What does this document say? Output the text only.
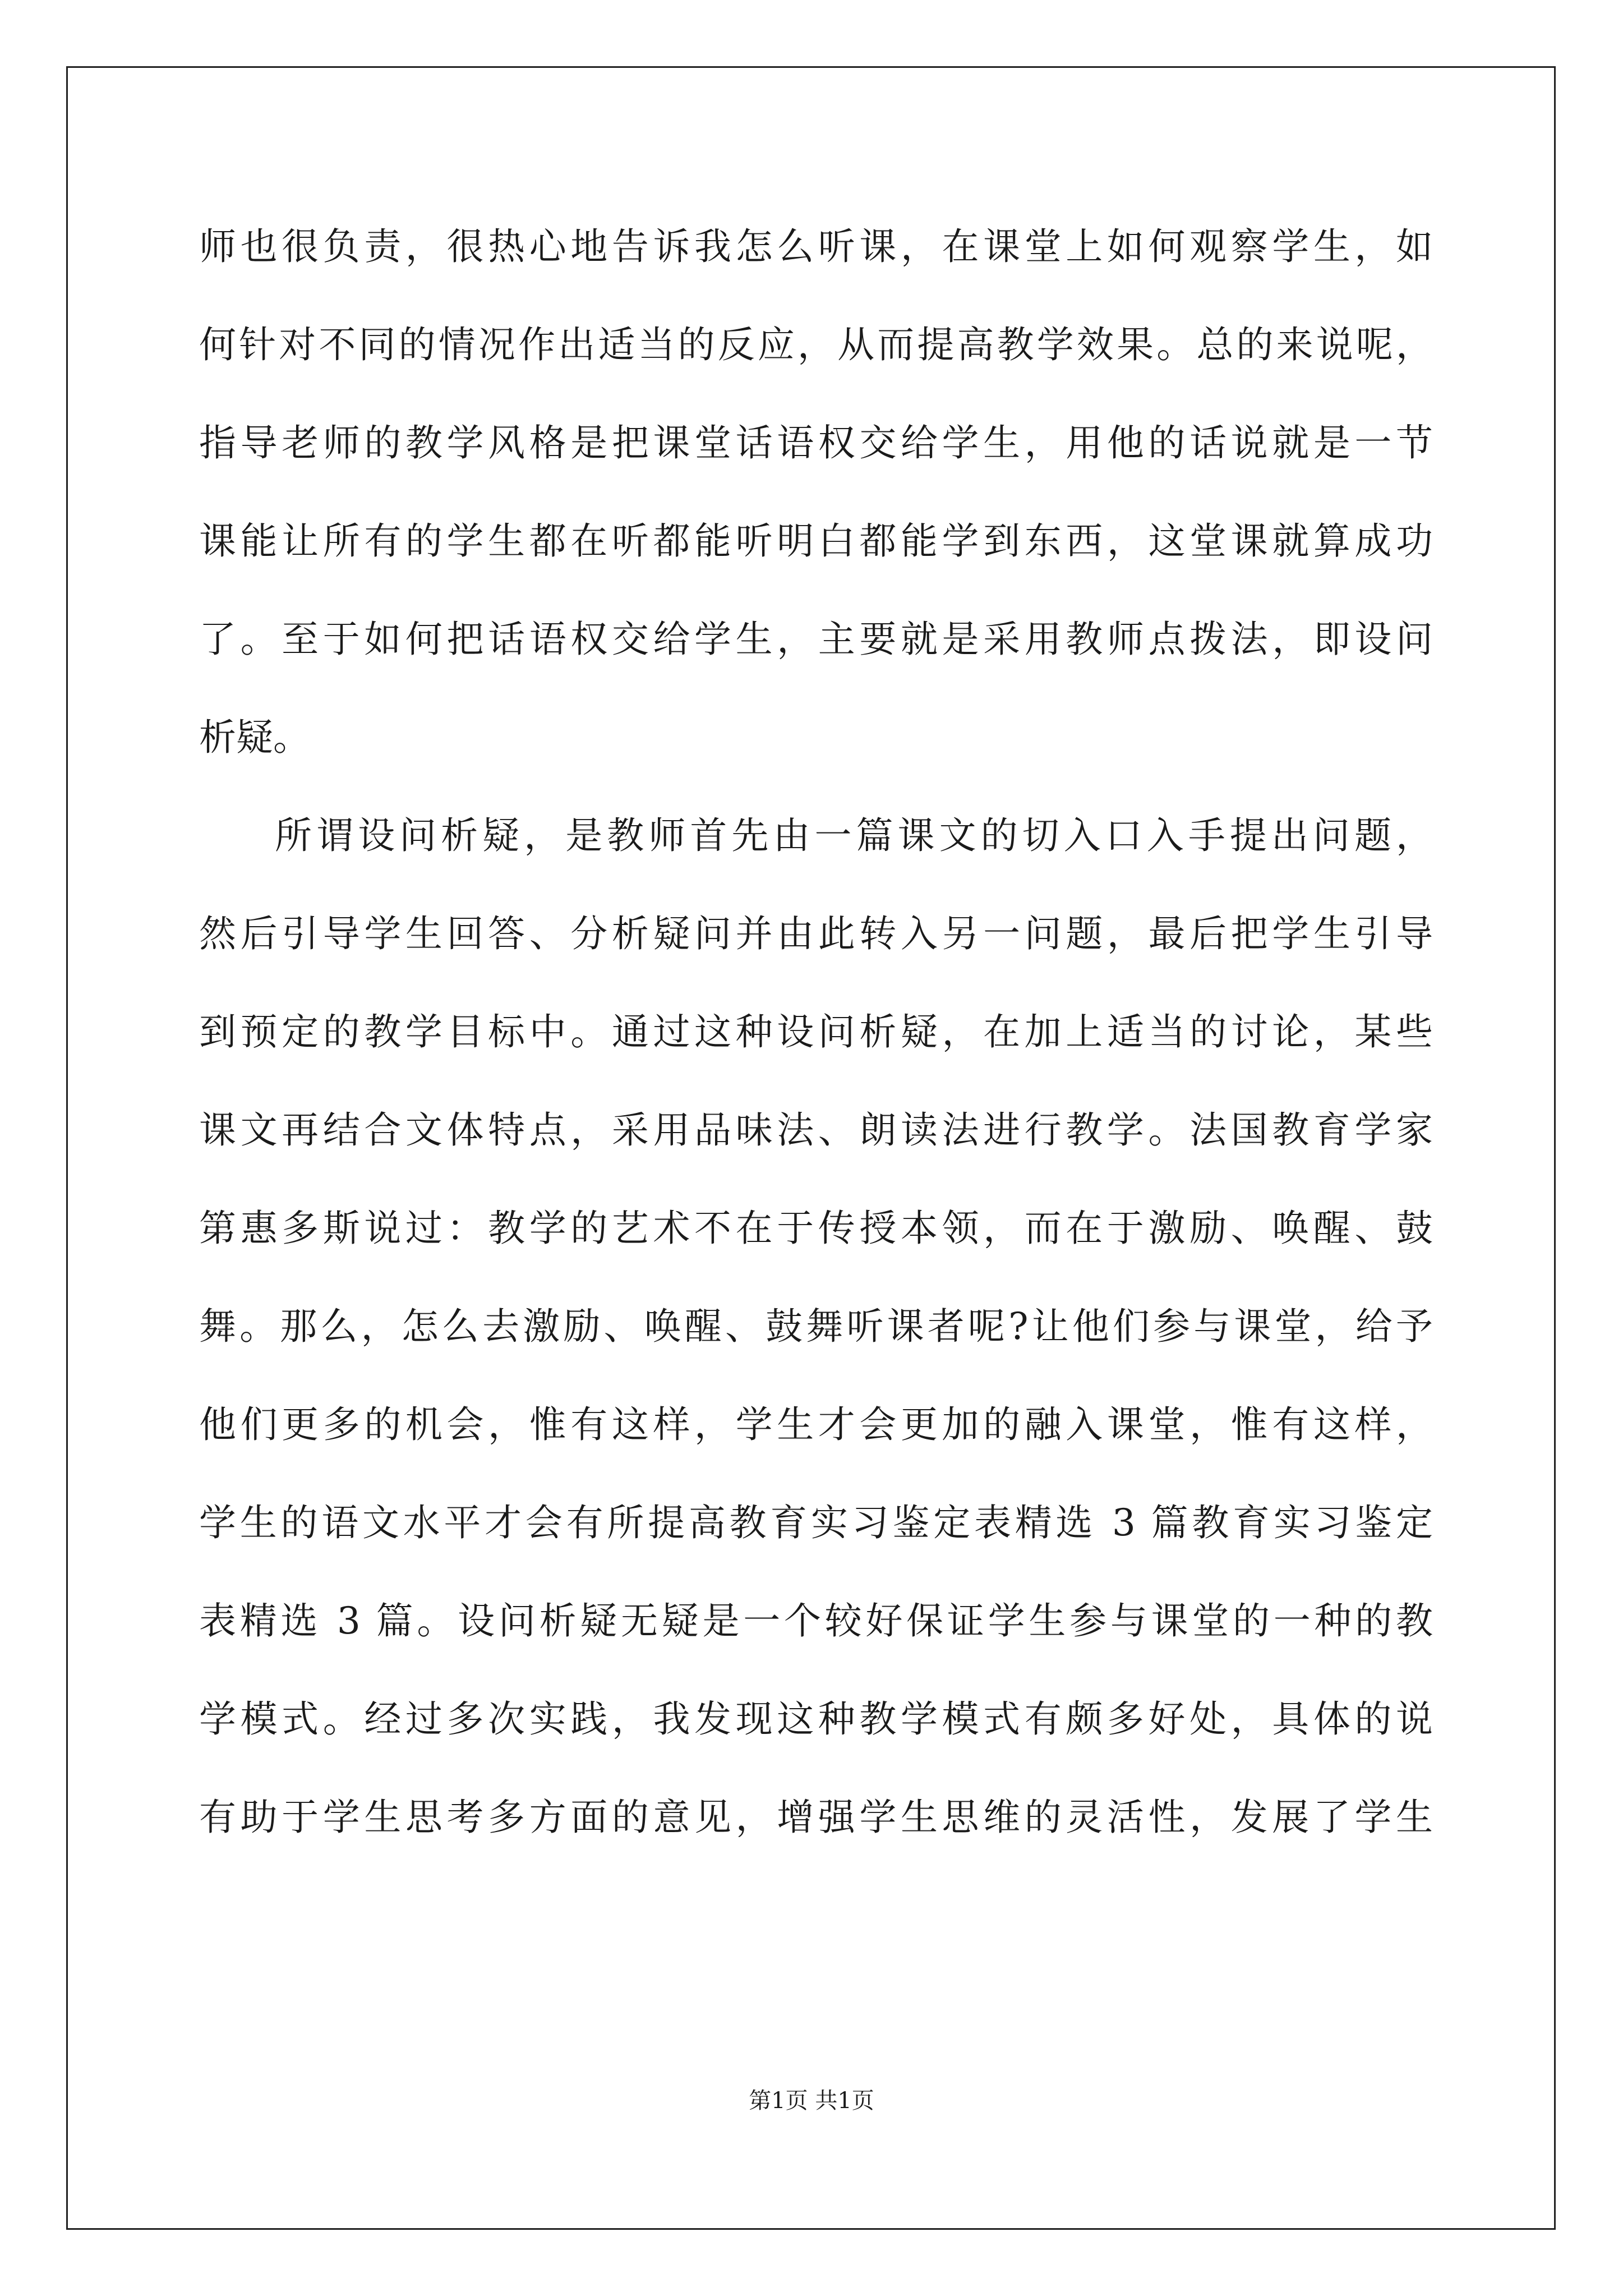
师也很负责，很热心地告诉我怎么听课，在课堂上如何观察学生，如
何针对不同的情况作出适当的反应，从而提高教学效果。总的来说呢，
指导老师的教学风格是把课堂话语权交给学生，用他的话说就是一节
课能让所有的学生都在听都能听明白都能学到东西，这堂课就算成功
了。至于如何把话语权交给学生，主要就是采用教师点拨法，即设问
析疑。
所谓设问析疑，是教师首先由一篇课文的切入口入手提出问题，
然后引导学生回答、分析疑问并由此转入另一问题，最后把学生引导
到预定的教学目标中。通过这种设问析疑，在加上适当的讨论，某些
课文再结合文体特点，采用品味法、朗读法进行教学。法国教育学家
第惠多斯说过：教学的艺术不在于传授本领，而在于激励、唤醒、鼓
舞。那么，怎么去激励、唤醒、鼓舞听课者呢?让他们参与课堂，给予
他们更多的机会，惟有这样，学生才会更加的融入课堂，惟有这样，
学生的语文水平才会有所提高教育实习鉴定表精选 3 篇教育实习鉴定
表精选 3 篇。设问析疑无疑是一个较好保证学生参与课堂的一种的教
学模式。经过多次实践，我发现这种教学模式有颇多好处，具体的说
有助于学生思考多方面的意见，增强学生思维的灵活性，发展了学生
第1页 共1页
